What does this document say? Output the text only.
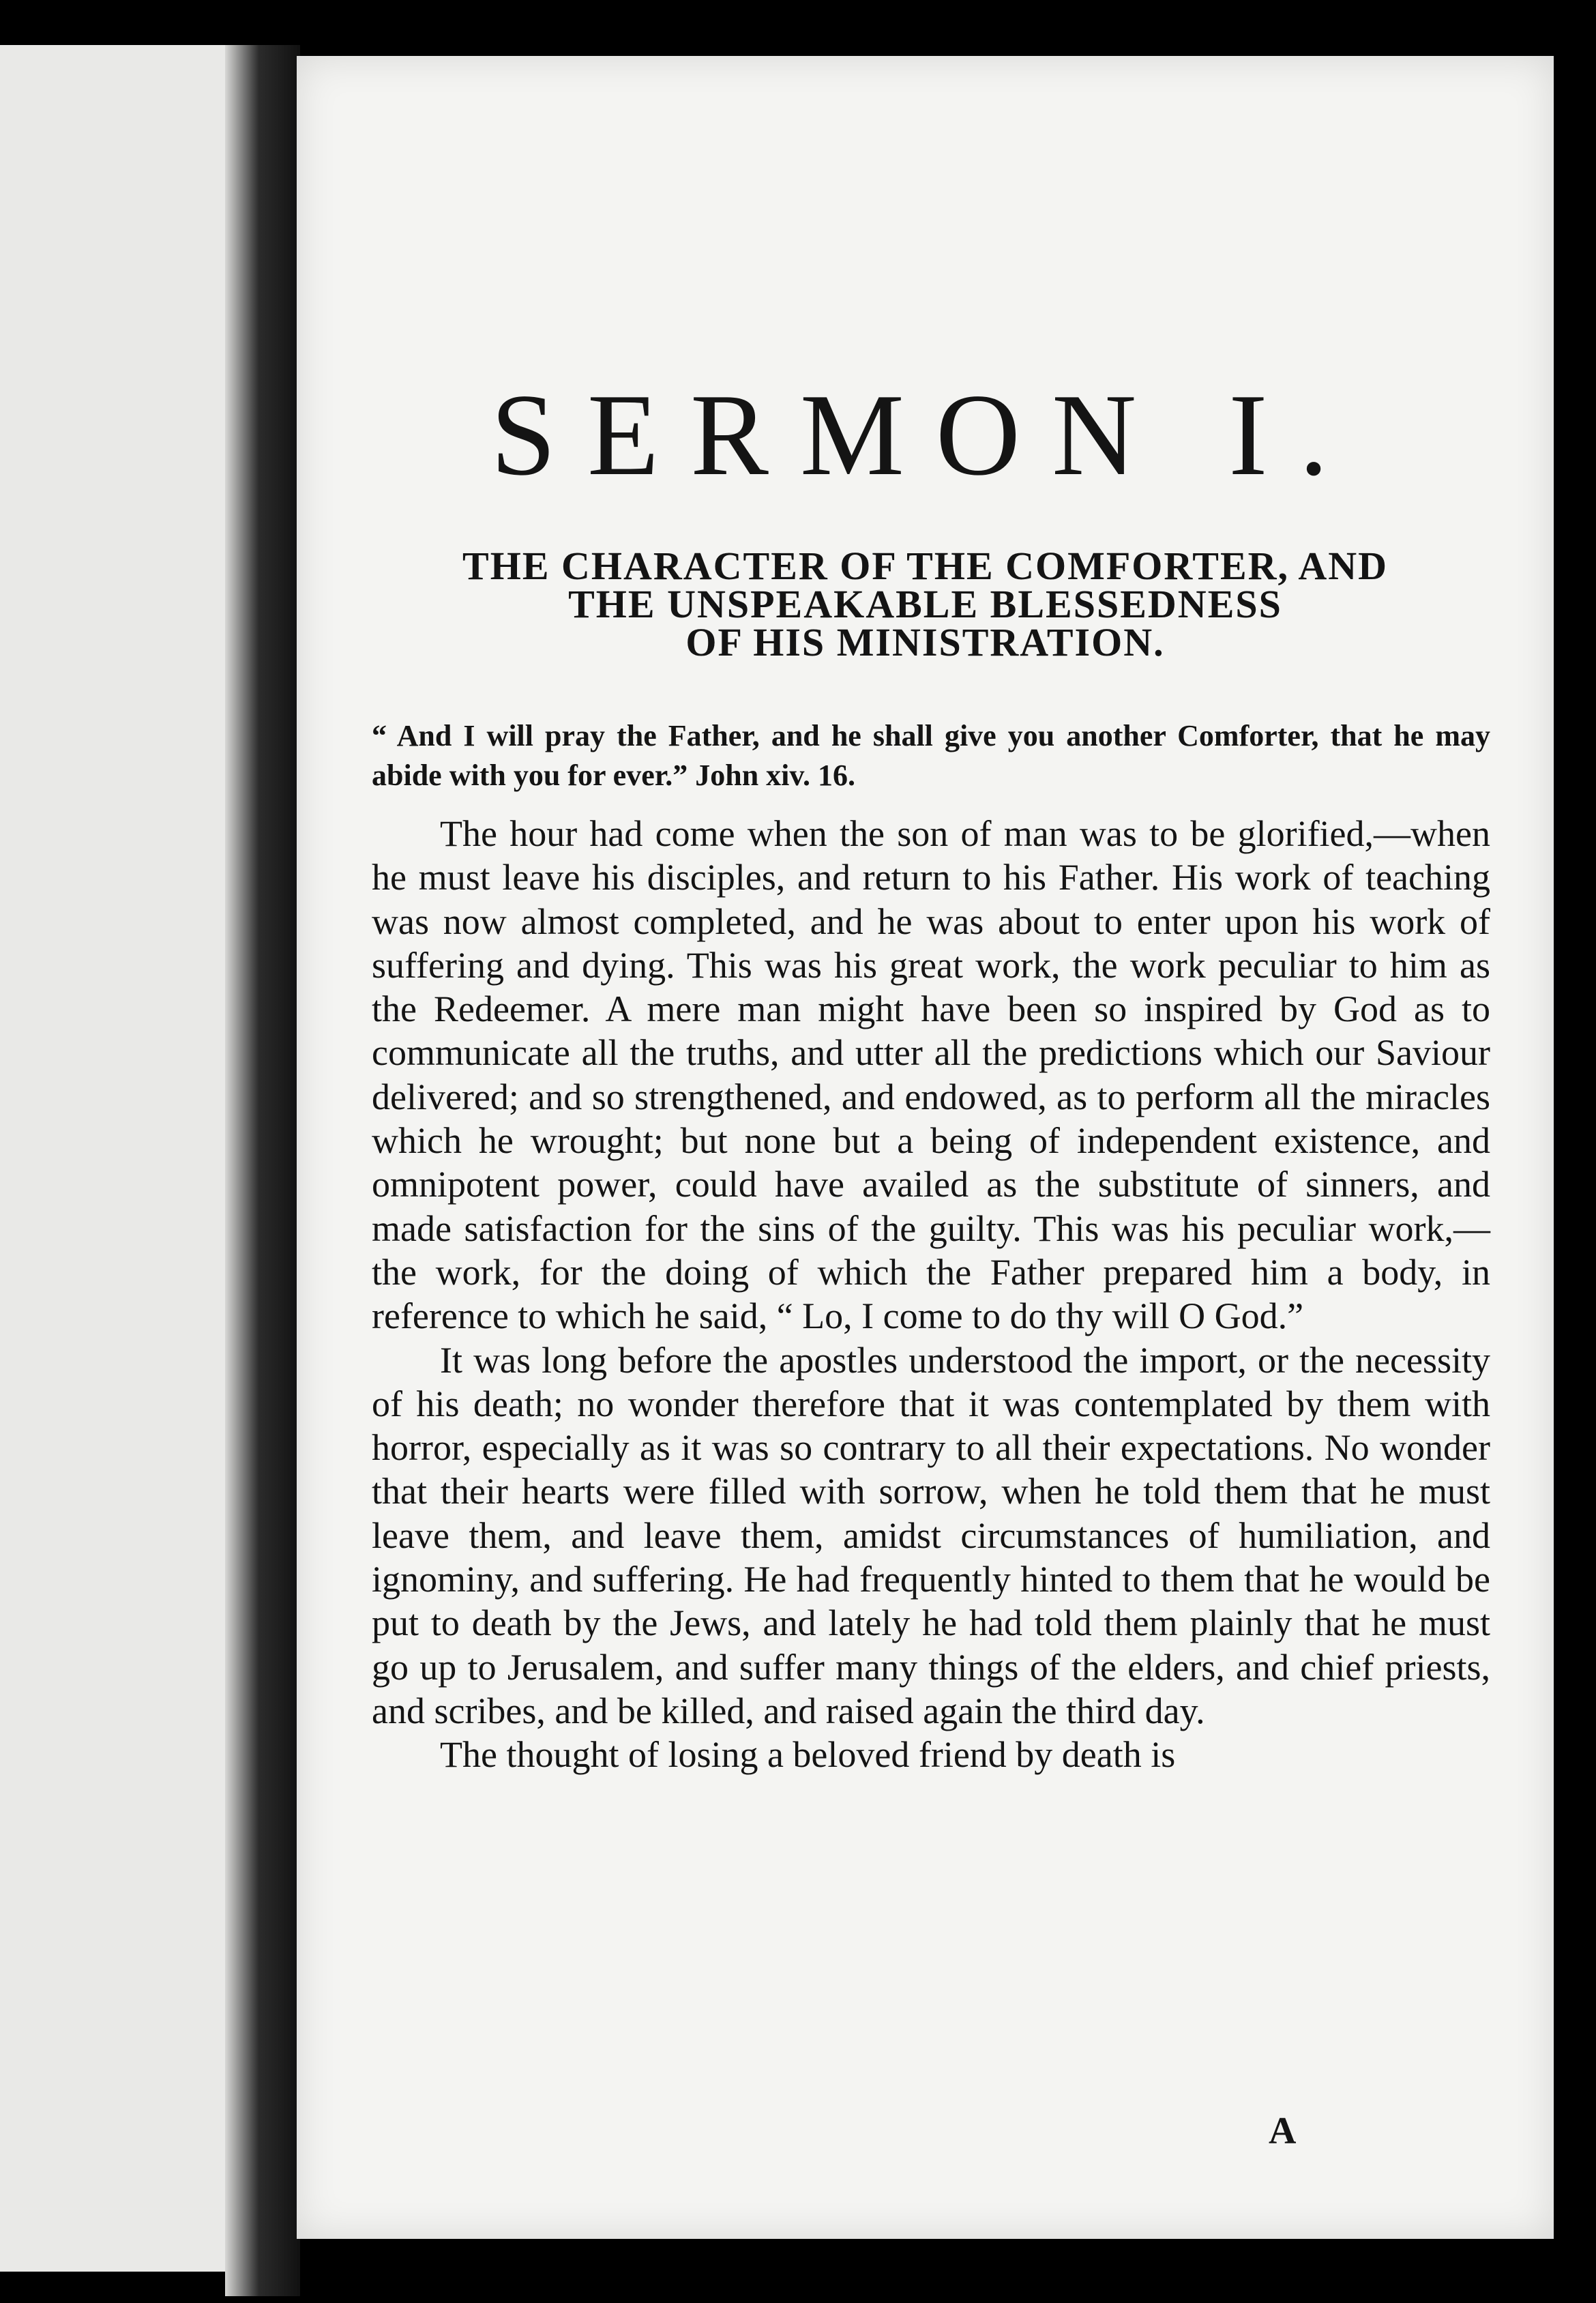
SERMON I.
THE CHARACTER OF THE COMFORTER, AND
THE UNSPEAKABLE BLESSEDNESS
OF HIS MINISTRATION.

“ And I will pray the Father, and he shall give you another Comforter, that he may abide with you for ever.” John xiv. 16.

The hour had come when the son of man was to be glorified,—when he must leave his disciples, and return to his Father. His work of teaching was now almost completed, and he was about to enter upon his work of suffering and dying. This was his great work, the work peculiar to him as the Redeemer. A mere man might have been so inspired by God as to communicate all the truths, and utter all the predictions which our Saviour delivered; and so strengthened, and endowed, as to perform all the miracles which he wrought; but none but a being of independent existence, and omnipotent power, could have availed as the substitute of sinners, and made satisfaction for the sins of the guilty. This was his peculiar work,—the work, for the doing of which the Father prepared him a body, in reference to which he said, “ Lo, I come to do thy will O God.”

It was long before the apostles understood the import, or the necessity of his death; no wonder therefore that it was contemplated by them with horror, especially as it was so contrary to all their expectations. No wonder that their hearts were filled with sorrow, when he told them that he must leave them, and leave them, amidst circumstances of humiliation, and ignominy, and suffering. He had frequently hinted to them that he would be put to death by the Jews, and lately he had told them plainly that he must go up to Jerusalem, and suffer many things of the elders, and chief priests, and scribes, and be killed, and raised again the third day.

The thought of losing a beloved friend by death is

A
